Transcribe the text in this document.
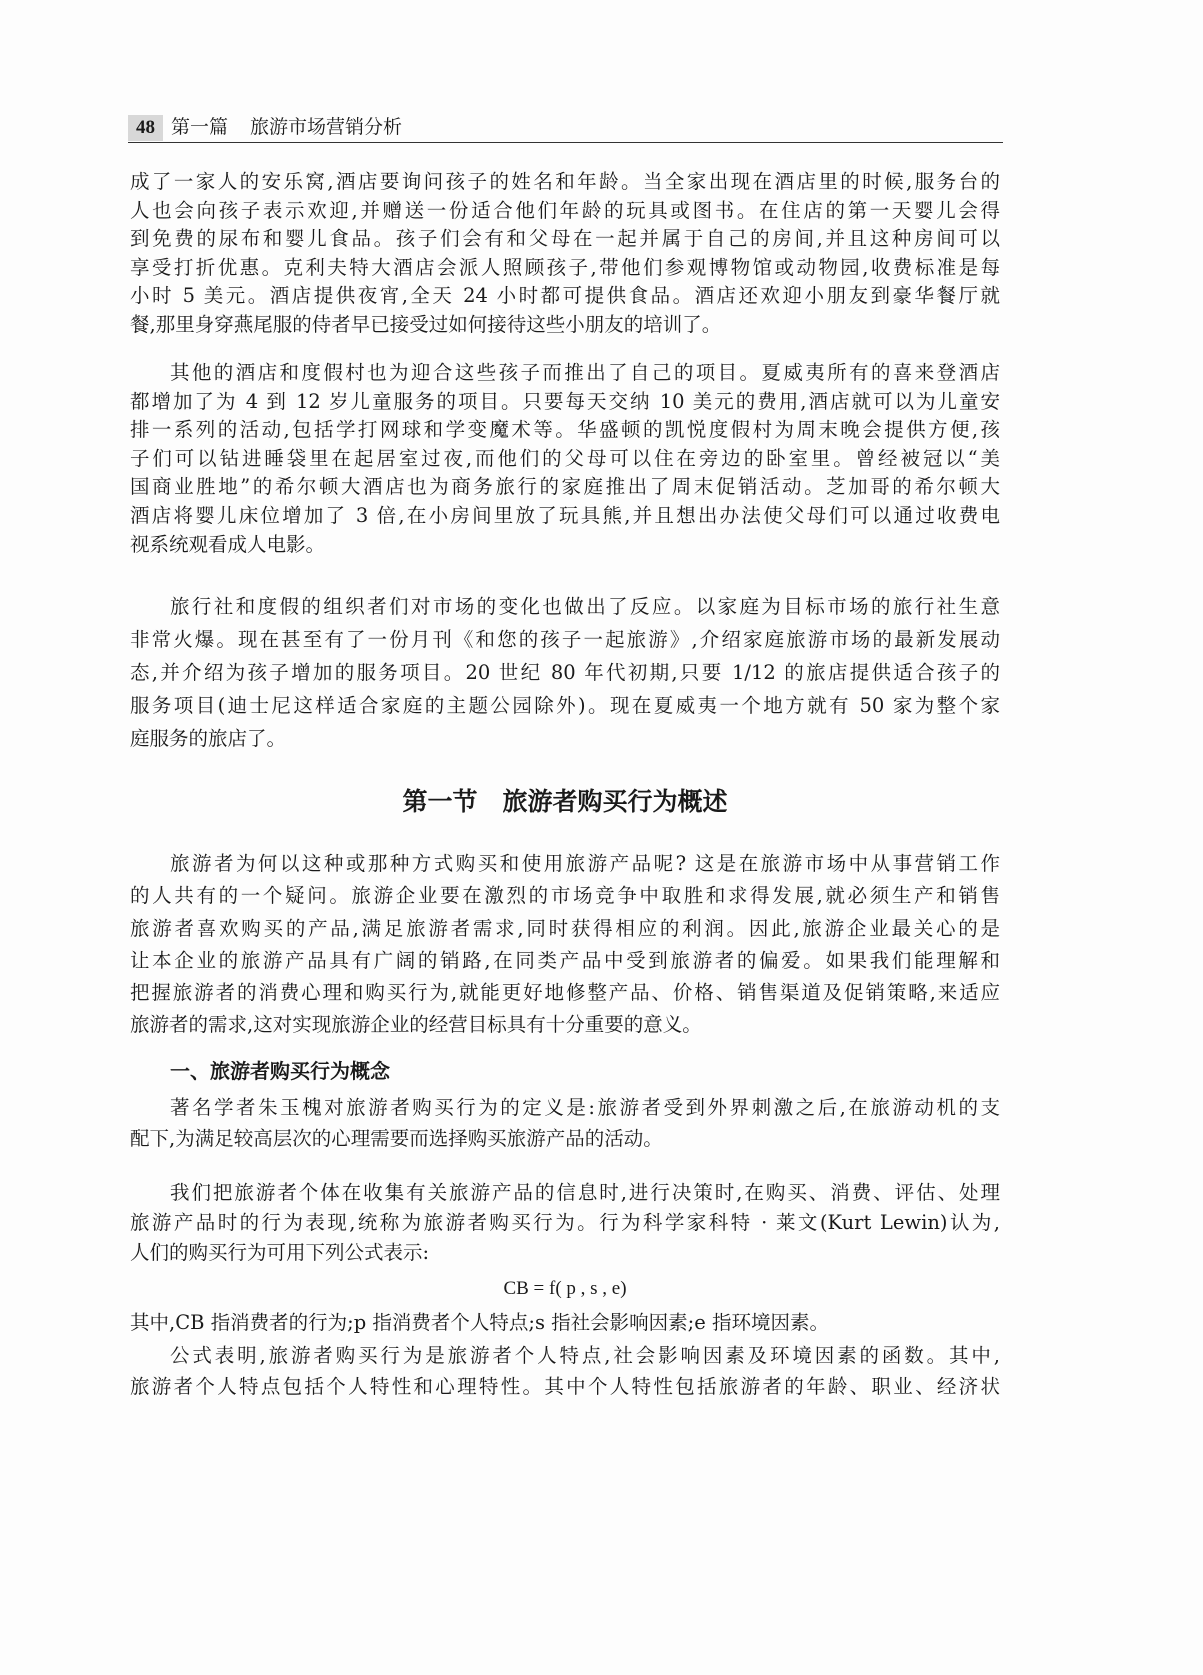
48 第一篇 旅游市场营销分析
成了一家人的安乐窝,酒店要询问孩子的姓名和年龄。当全家出现在酒店里的时候,服务台的
人也会向孩子表示欢迎,并赠送一份适合他们年龄的玩具或图书。在住店的第一天婴儿会得
到免费的尿布和婴儿食品。孩子们会有和父母在一起并属于自己的房间,并且这种房间可以
享受打折优惠。克利夫特大酒店会派人照顾孩子,带他们参观博物馆或动物园,收费标准是每
小时 5 美元。酒店提供夜宵,全天 24 小时都可提供食品。酒店还欢迎小朋友到豪华餐厅就
餐,那里身穿燕尾服的侍者早已接受过如何接待这些小朋友的培训了。
其他的酒店和度假村也为迎合这些孩子而推出了自己的项目。夏威夷所有的喜来登酒店
都增加了为 4 到 12 岁儿童服务的项目。只要每天交纳 10 美元的费用,酒店就可以为儿童安
排一系列的活动,包括学打网球和学变魔术等。华盛顿的凯悦度假村为周末晚会提供方便,孩
子们可以钻进睡袋里在起居室过夜,而他们的父母可以住在旁边的卧室里。曾经被冠以“美
国商业胜地”的希尔顿大酒店也为商务旅行的家庭推出了周末促销活动。芝加哥的希尔顿大
酒店将婴儿床位增加了 3 倍,在小房间里放了玩具熊,并且想出办法使父母们可以通过收费电
视系统观看成人电影。
旅行社和度假的组织者们对市场的变化也做出了反应。以家庭为目标市场的旅行社生意
非常火爆。现在甚至有了一份月刊《和您的孩子一起旅游》,介绍家庭旅游市场的最新发展动
态,并介绍为孩子增加的服务项目。20 世纪 80 年代初期,只要 1/12 的旅店提供适合孩子的
服务项目(迪士尼这样适合家庭的主题公园除外)。现在夏威夷一个地方就有 50 家为整个家
庭服务的旅店了。
第一节　旅游者购买行为概述
旅游者为何以这种或那种方式购买和使用旅游产品呢? 这是在旅游市场中从事营销工作
的人共有的一个疑问。旅游企业要在激烈的市场竞争中取胜和求得发展,就必须生产和销售
旅游者喜欢购买的产品,满足旅游者需求,同时获得相应的利润。因此,旅游企业最关心的是
让本企业的旅游产品具有广阔的销路,在同类产品中受到旅游者的偏爱。如果我们能理解和
把握旅游者的消费心理和购买行为,就能更好地修整产品、价格、销售渠道及促销策略,来适应
旅游者的需求,这对实现旅游企业的经营目标具有十分重要的意义。
一、旅游者购买行为概念
著名学者朱玉槐对旅游者购买行为的定义是:旅游者受到外界刺激之后,在旅游动机的支
配下,为满足较高层次的心理需要而选择购买旅游产品的活动。
我们把旅游者个体在收集有关旅游产品的信息时,进行决策时,在购买、消费、评估、处理
旅游产品时的行为表现,统称为旅游者购买行为。行为科学家科特 · 莱文(Kurt Lewin)认为,
人们的购买行为可用下列公式表示:
CB = f( p , s , e)
其中,CB 指消费者的行为;p 指消费者个人特点;s 指社会影响因素;e 指环境因素。
公式表明,旅游者购买行为是旅游者个人特点,社会影响因素及环境因素的函数。其中,
旅游者个人特点包括个人特性和心理特性。其中个人特性包括旅游者的年龄、职业、经济状
